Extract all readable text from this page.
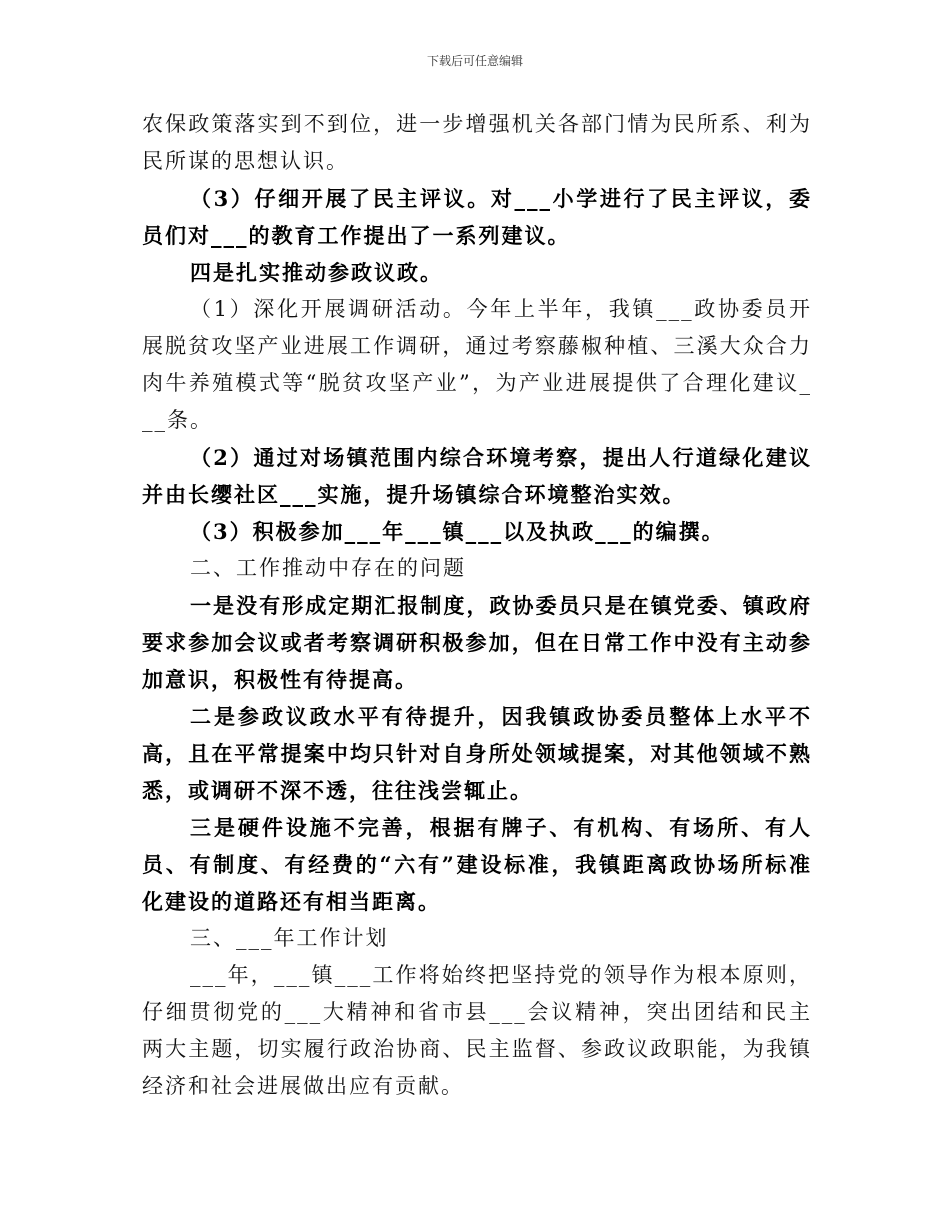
下载后可任意编辑

农保政策落实到不到位，进一步增强机关各部门情为民所系、利为民所谋的思想认识。

（3）仔细开展了民主评议。对___小学进行了民主评议，委员们对___的教育工作提出了一系列建议。

四是扎实推动参政议政。

（1）深化开展调研活动。今年上半年，我镇___政协委员开展脱贫攻坚产业进展工作调研，通过考察藤椒种植、三溪大众合力肉牛养殖模式等“脱贫攻坚产业”，为产业进展提供了合理化建议___条。

（2）通过对场镇范围内综合环境考察，提出人行道绿化建议并由长缨社区___实施，提升场镇综合环境整治实效。

（3）积极参加___年___镇___以及执政___的编撰。

二、工作推动中存在的问题

一是没有形成定期汇报制度，政协委员只是在镇党委、镇政府要求参加会议或者考察调研积极参加，但在日常工作中没有主动参加意识，积极性有待提高。

二是参政议政水平有待提升，因我镇政协委员整体上水平不高，且在平常提案中均只针对自身所处领域提案，对其他领域不熟悉，或调研不深不透，往往浅尝辄止。

三是硬件设施不完善，根据有牌子、有机构、有场所、有人员、有制度、有经费的“六有”建设标准，我镇距离政协场所标准化建设的道路还有相当距离。

三、___年工作计划

___年，___镇___工作将始终把坚持党的领导作为根本原则，仔细贯彻党的___大精神和省市县___会议精神，突出团结和民主两大主题，切实履行政治协商、民主监督、参政议政职能，为我镇经济和社会进展做出应有贡献。
